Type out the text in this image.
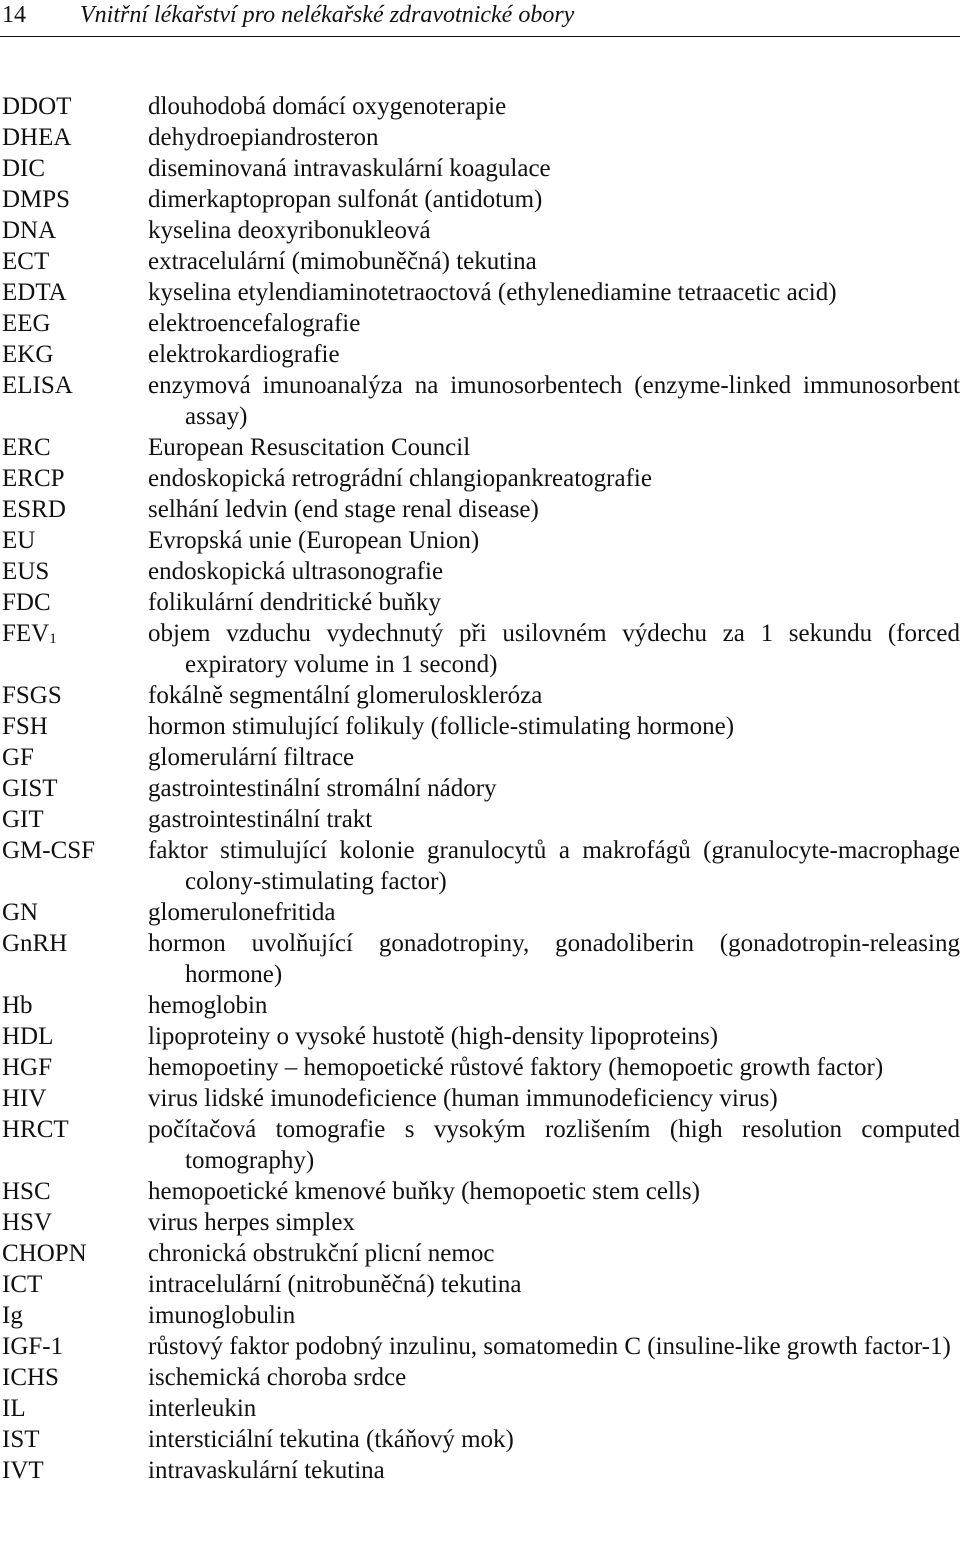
14 Vnitřní lékařství pro nelékařské zdravotnické obory
DDOT	dlouhodobá domácí oxygenoterapie
DHEA	dehydroepiandrosteron
DIC	diseminovaná intravaskulární koagulace
DMPS	dimerkaptopropan sulfonát (antidotum)
DNA	kyselina deoxyribonukleová
ECT	extracelulární (mimobuněčná) tekutina
EDTA	kyselina etylendiaminotetraoctová (ethylenediamine tetraacetic acid)
EEG	elektroencefalografie
EKG	elektrokardiografie
ELISA	enzymová imunoanalýza na imunosorbentech (enzyme-linked immunosorbent assay)
ERC	European Resuscitation Council
ERCP	endoskopická retrográdní chlangiopankreatografie
ESRD	selhání ledvin (end stage renal disease)
EU	Evropská unie (European Union)
EUS	endoskopická ultrasonografie
FDC	folikulární dendritické buňky
$FEV_1$	objem vzduchu vydechnutý při usilovném výdechu za 1 sekundu (forced expiratory volume in 1 second)
FSGS	fokálně segmentální glomeruloskleróza
FSH	hormon stimulující folikuly (follicle-stimulating hormone)
GF	glomerulární filtrace
GIST	gastrointestinální stromální nádory
GIT	gastrointestinální trakt
GM-CSF	faktor stimulující kolonie granulocytů a makrofágů (granulocyte-macrophage colony-stimulating factor)
GN	glomerulonefritida
GnRH	hormon uvolňující gonadotropiny, gonadoliberin (gonadotropin-releasing hormone)
Hb	hemoglobin
HDL	lipoproteiny o vysoké hustotě (high-density lipoproteins)
HGF	hemopoetiny – hemopoetické růstové faktory (hemopoetic growth factor)
HIV	virus lidské imunodeficience (human immunodeficiency virus)
HRCT	počítačová tomografie s vysokým rozlišením (high resolution computed tomography)
HSC	hemopoetické kmenové buňky (hemopoetic stem cells)
HSV	virus herpes simplex
CHOPN	chronická obstrukční plicní nemoc
ICT	intracelulární (nitrobuněčná) tekutina
Ig	imunoglobulin
IGF-1	růstový faktor podobný inzulinu, somatomedin C (insuline-like growth factor-1)
ICHS	ischemická choroba srdce
IL	interleukin
IST	intersticiální tekutina (tkáňový mok)
IVT	intravaskulární tekutina
